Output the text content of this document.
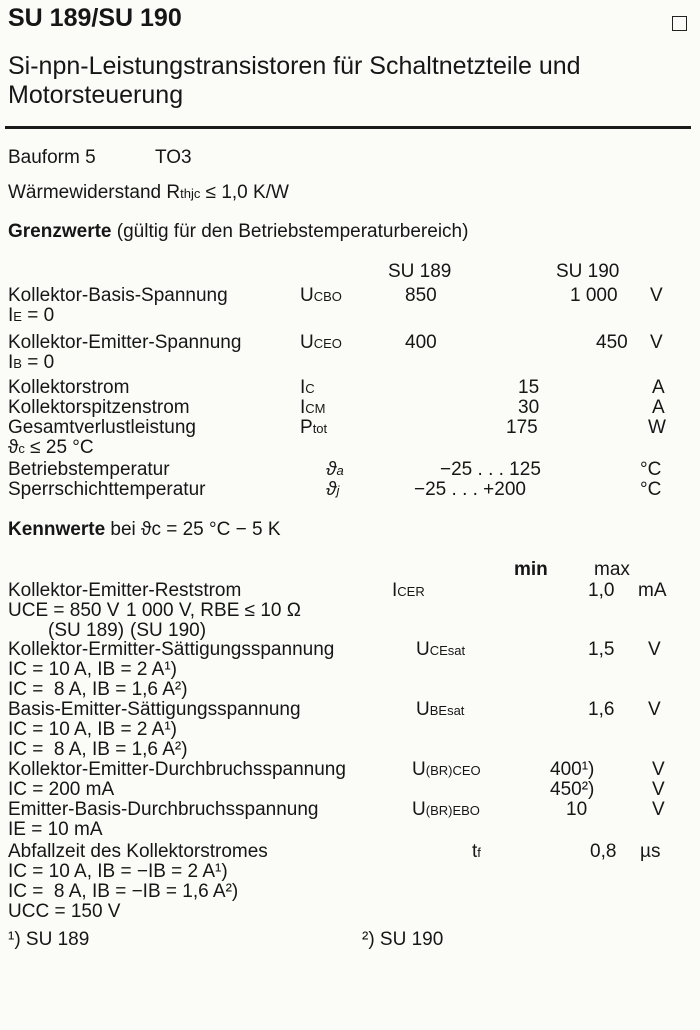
SU 189/SU 190
Si-npn-Leistungstransistoren für Schaltnetzteile und
Motorsteuerung
Bauform 5	TO3
Wärmewiderstand Rthjc ≤ 1,0 K/W
Grenzwerte (gültig für den Betriebstemperaturbereich)
SU 189	SU 190
Kollektor-Basis-Spannung	UCBO	850	1 000 V
IE = 0
Kollektor-Emitter-Spannung	UCEO	400	450 V
IB = 0
Kollektorstrom	IC	15	A
Kollektorspitzenstrom	ICM	30	A
Gesamtverlustleistung	Ptot	175	W
ϑc ≤ 25 °C
Betriebstemperatur	ϑa	−25 . . . 125	°C
Sperrschichttemperatur	ϑj	−25 . . . +200	°C
Kennwerte bei ϑc = 25 °C − 5 K
min max
Kollektor-Emitter-Reststrom	ICER	1,0 mA
UCE = 850 V 1 000 V, RBE ≤ 10 Ω
(SU 189) (SU 190)
Kollektor-Ermitter-Sättigungsspannung	UCEsat	1,5 V
IC = 10 A, IB = 2 A¹)
IC =  8 A, IB = 1,6 A²)
Basis-Emitter-Sättigungsspannung	UBEsat	1,6 V
IC = 10 A, IB = 2 A¹)
IC =  8 A, IB = 1,6 A²)
Kollektor-Emitter-Durchbruchsspannung	U(BR)CEO	400¹)	V
IC = 200 mA	450²)	V
Emitter-Basis-Durchbruchsspannung	U(BR)EBO	10	V
IE = 10 mA
Abfallzeit des Kollektorstromes	tf	0,8 µs
IC = 10 A, IB = −IB = 2 A¹)
IC =  8 A, IB = −IB = 1,6 A²)
UCC = 150 V
¹) SU 189	²) SU 190
